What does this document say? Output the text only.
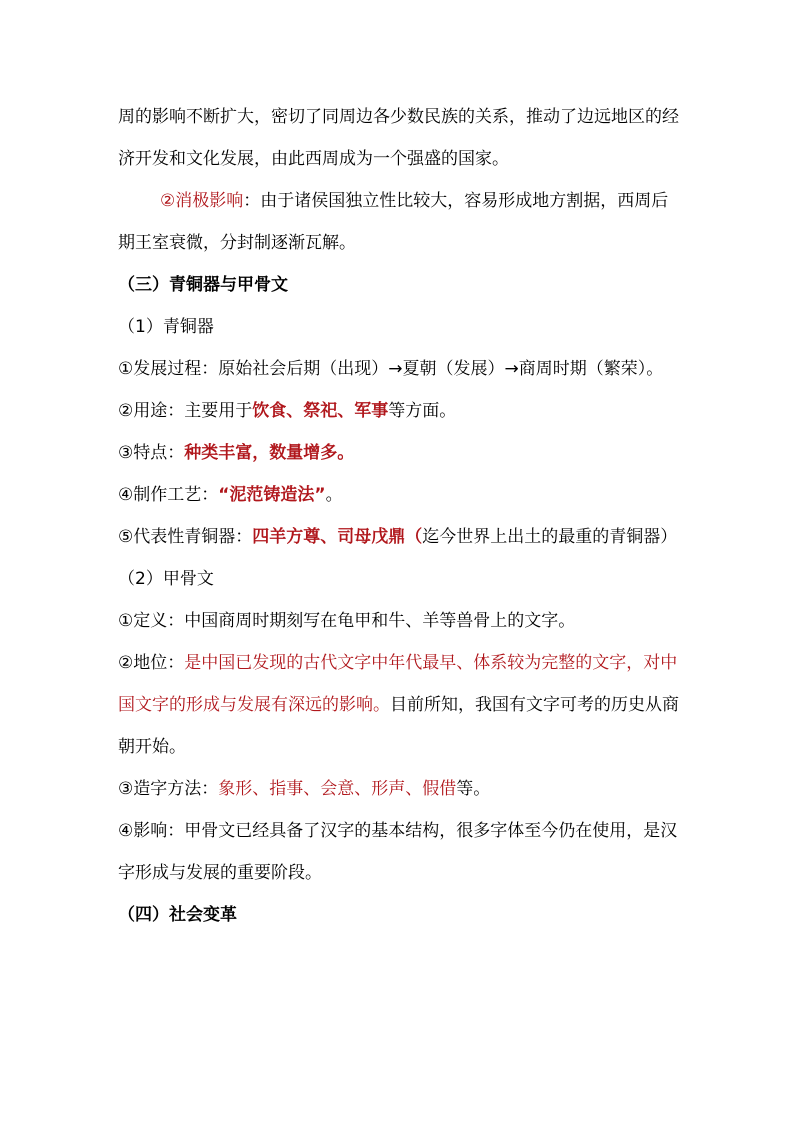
周的影响不断扩大，密切了同周边各少数民族的关系，推动了边远地区的经济开发和文化发展，由此西周成为一个强盛的国家。

②消极影响：由于诸侯国独立性比较大，容易形成地方割据，西周后期王室衰微，分封制逐渐瓦解。

（三）青铜器与甲骨文

（1）青铜器

①发展过程：原始社会后期（出现）→夏朝（发展）→商周时期（繁荣）。

②用途：主要用于饮食、祭祀、军事等方面。

③特点：种类丰富，数量增多。

④制作工艺：“泥范铸造法”。

⑤代表性青铜器：四羊方尊、司母戊鼎（迄今世界上出土的最重的青铜器）

（2）甲骨文

①定义：中国商周时期刻写在龟甲和牛、羊等兽骨上的文字。

②地位：是中国已发现的古代文字中年代最早、体系较为完整的文字，对中国文字的形成与发展有深远的影响。目前所知，我国有文字可考的历史从商朝开始。

③造字方法：象形、指事、会意、形声、假借等。

④影响：甲骨文已经具备了汉字的基本结构，很多字体至今仍在使用，是汉字形成与发展的重要阶段。

（四）社会变革
